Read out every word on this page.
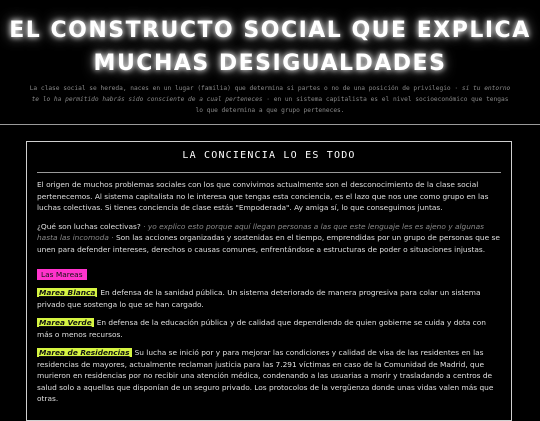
EL CONSTRUCTO SOCIAL QUE EXPLICA
MUCHAS DESIGUALDADES
La clase social se hereda, naces en un lugar (familia) que determina si partes o no de una posición de privilegio · si tu entorno te lo ha permitido habrás sido consciente de a cual perteneces · en un sistema capitalista es el nivel socioeconómico que tengas lo que determina a que grupo perteneces.
LA CONCIENCIA LO ES TODO

El origen de muchos problemas sociales con los que convivimos actualmente son el desconocimiento de la clase social pertenecemos. Al sistema capitalista no le interesa que tengas esta conciencia, es el lazo que nos une como grupo en las luchas colectivas. Si tienes conciencia de clase estás "Empoderada". Ay amiga sí, lo que conseguimos juntas.

¿Qué son luchas colectivas? · yo explico esto porque aquí llegan personas a las que este lenguaje les es ajeno y algunas hasta las incomoda · Son las acciones organizadas y sostenidas en el tiempo, emprendidas por un grupo de personas que se unen para defender intereses, derechos o causas comunes, enfrentándose a estructuras de poder o situaciones injustas.

Las Mareas

Marea Blanca En defensa de la sanidad pública. Un sistema deteriorado de manera progresiva para colar un sistema privado que sostenga lo que se han cargado.

Marea Verde En defensa de la educación pública y de calidad que dependiendo de quien gobierne se cuida y dota con más o menos recursos.

Marea de Residencias Su lucha se inició por y para mejorar las condiciones y calidad de visa de las residentes en las residencias de mayores, actualmente reclaman justicia para las 7.291 víctimas en caso de la Comunidad de Madrid, que murieron en residencias por no recibir una atención médica, condenando a las usuarias a morir y trasladando a centros de salud solo a aquellas que disponían de un seguro privado. Los protocolos de la vergüenza donde unas vidas valen más que otras.
